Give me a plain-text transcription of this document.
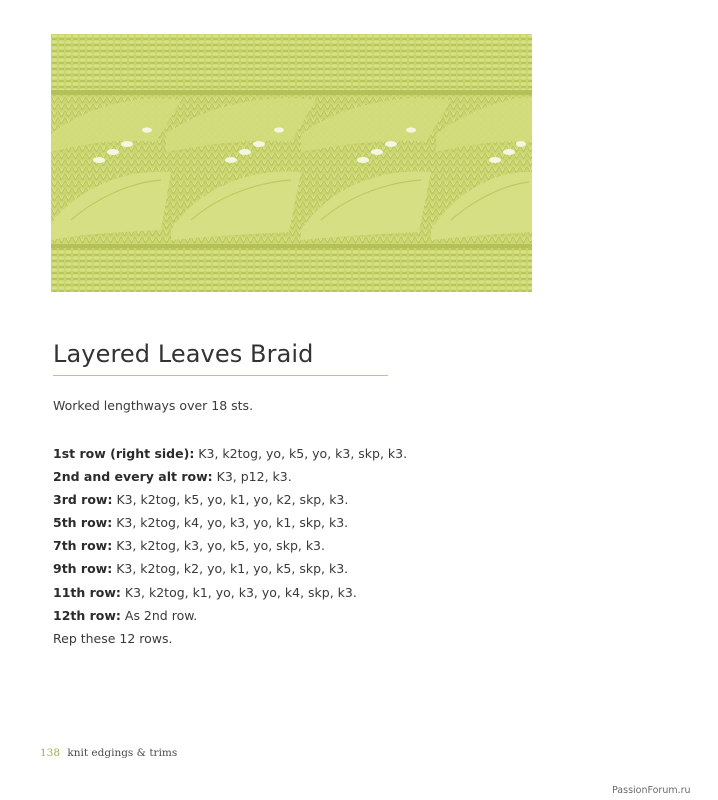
Layered Leaves Braid
Worked lengthways over 18 sts.
1st row (right side): K3, k2tog, yo, k5, yo, k3, skp, k3.
2nd and every alt row: K3, p12, k3.
3rd row: K3, k2tog, k5, yo, k1, yo, k2, skp, k3.
5th row: K3, k2tog, k4, yo, k3, yo, k1, skp, k3.
7th row: K3, k2tog, k3, yo, k5, yo, skp, k3.
9th row: K3, k2tog, k2, yo, k1, yo, k5, skp, k3.
11th row: K3, k2tog, k1, yo, k3, yo, k4, skp, k3.
12th row: As 2nd row.
Rep these 12 rows.
138 knit edgings & trims
PassionForum.ru
